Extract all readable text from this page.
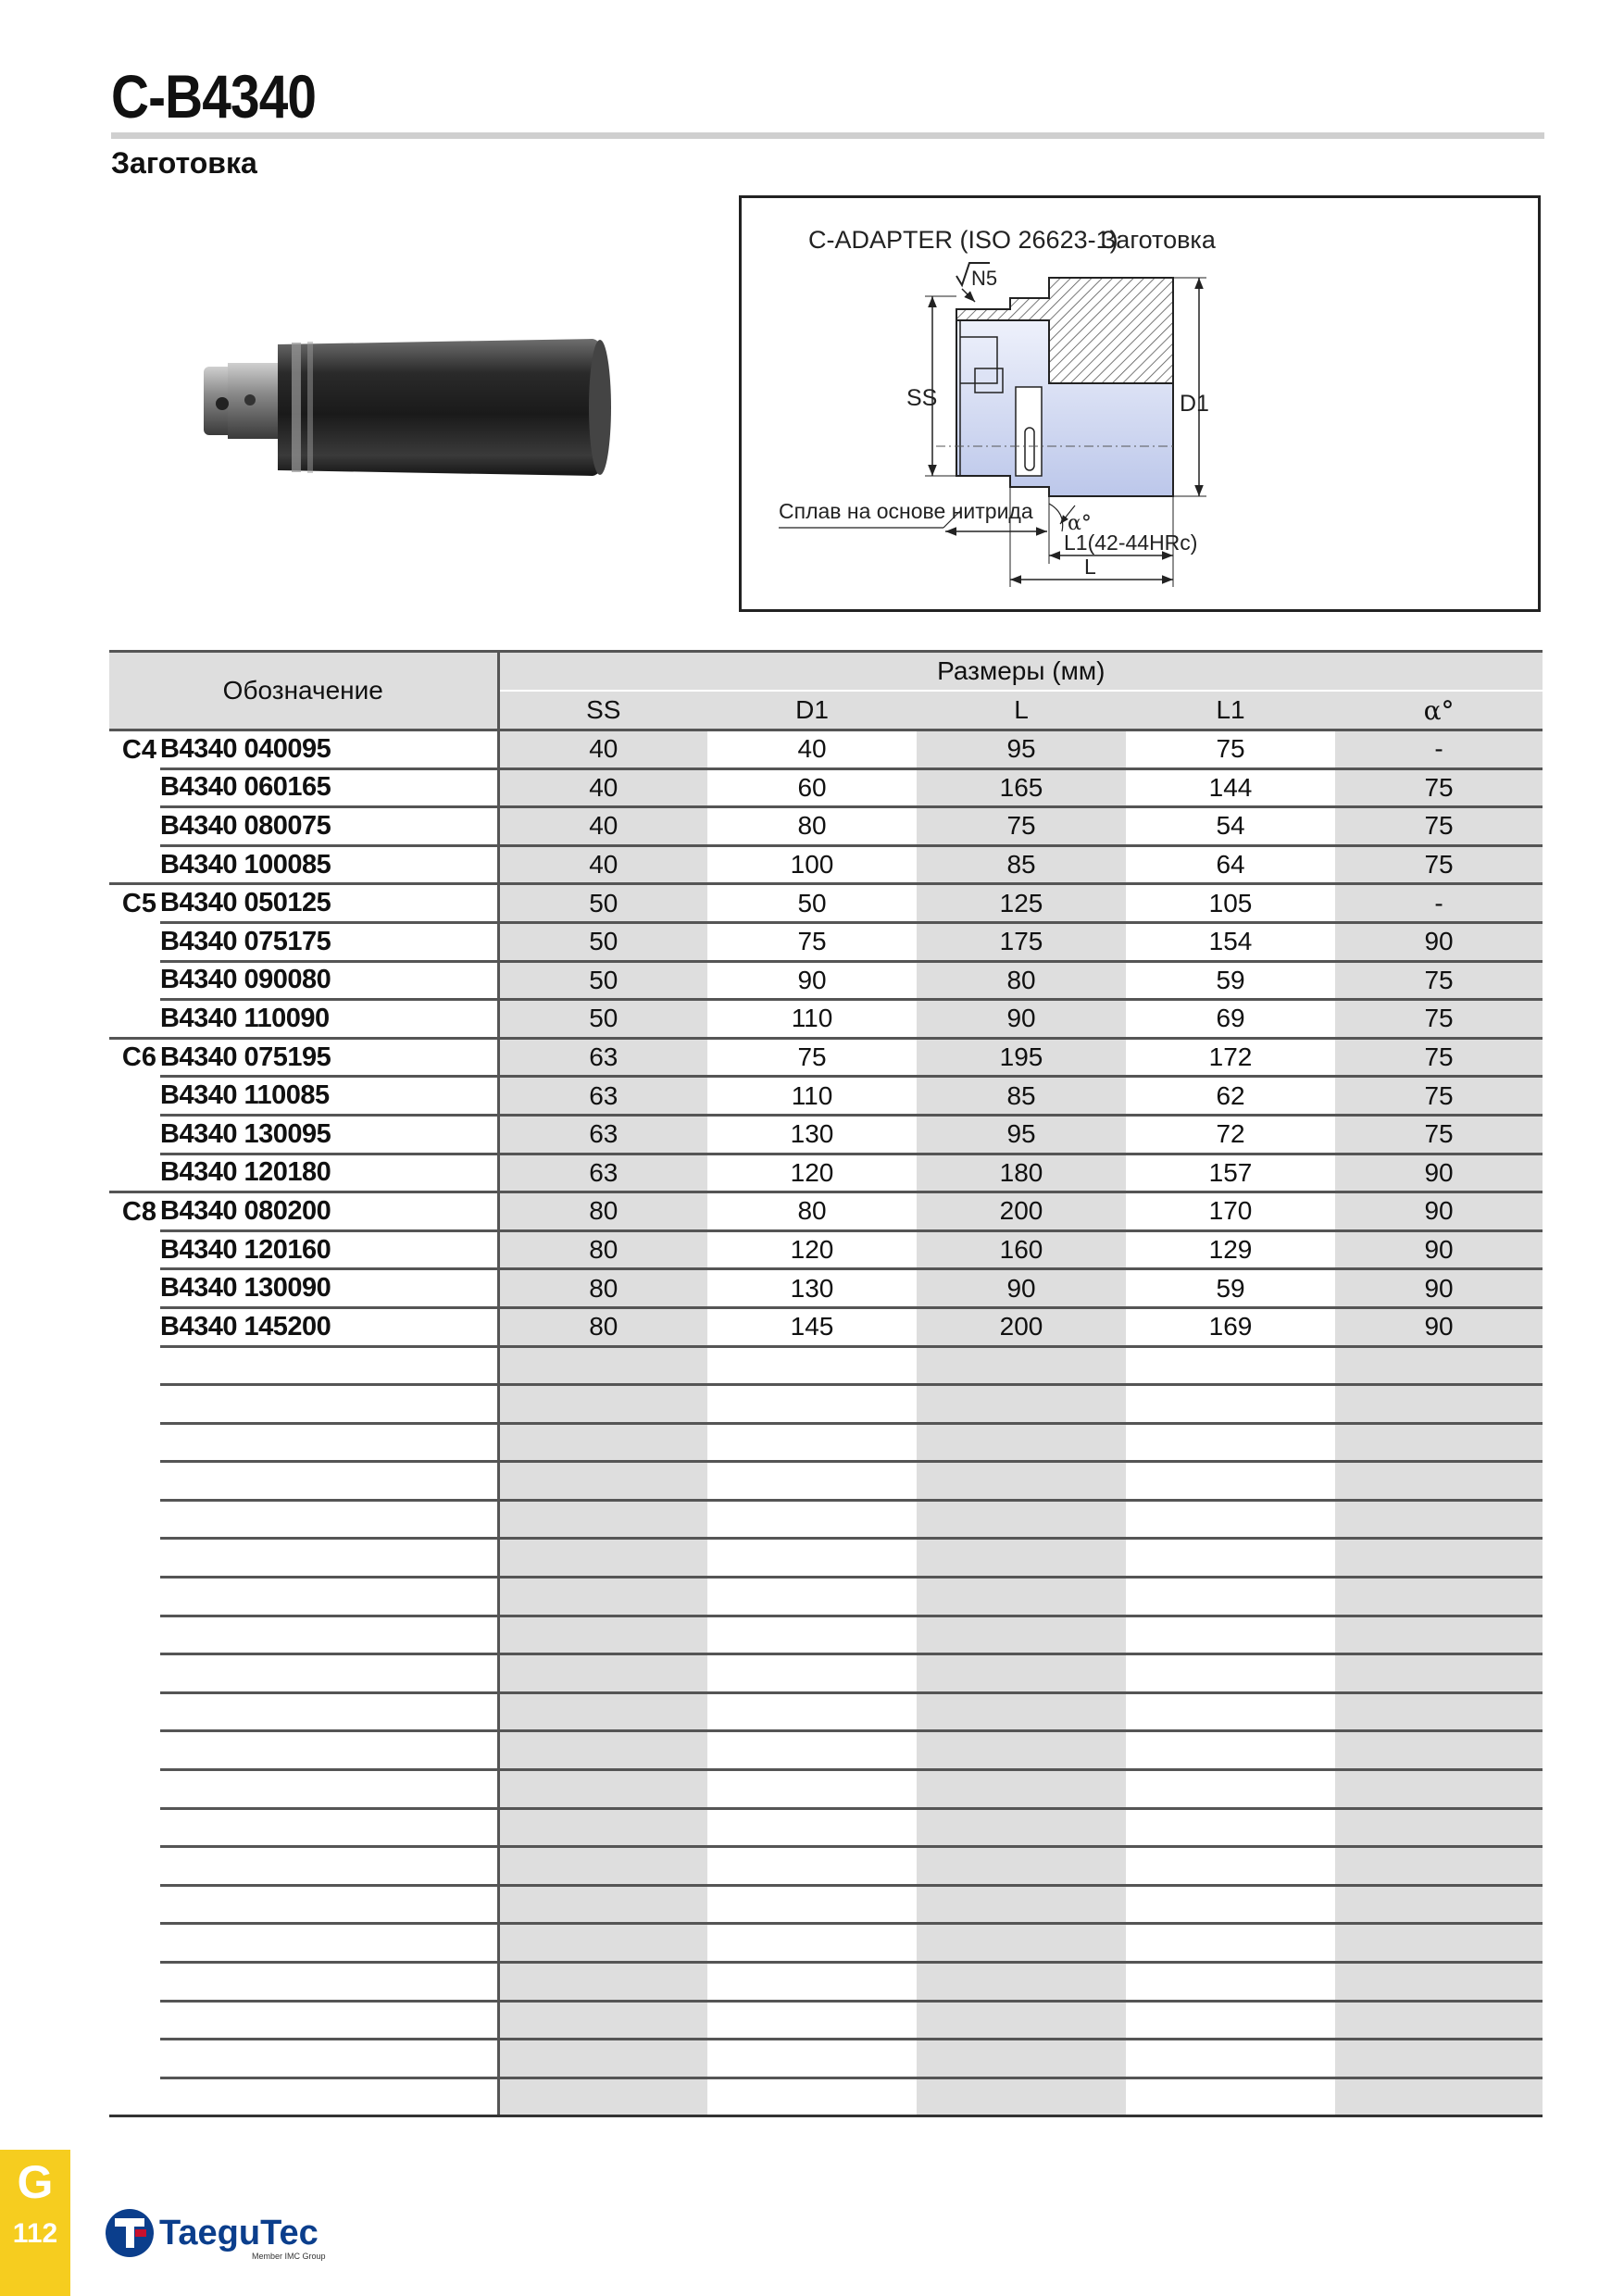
C-B4340
Заготовка
C-ADAPTER (ISO 26623-1)
Заготовка
N5
SS	D1
Сплав на основе нитрида
α°
L1(42-44HRc)
L
Обозначение		Размеры (мм)				
		SS	D1	L	L1	α°
C4	B4340 040095	40	40	95	75	-
	B4340 060165	40	60	165	144	75
	B4340 080075	40	80	75	54	75
	B4340 100085	40	100	85	64	75
C5	B4340 050125	50	50	125	105	-
	B4340 075175	50	75	175	154	90
	B4340 090080	50	90	80	59	75
	B4340 110090	50	110	90	69	75
C6	B4340 075195	63	75	195	172	75
	B4340 110085	63	110	85	62	75
	B4340 130095	63	130	95	72	75
	B4340 120180	63	120	180	157	90
C8	B4340 080200	80	80	200	170	90
	B4340 120160	80	120	160	129	90
	B4340 130090	80	130	90	59	90
	B4340 145200	80	145	200	169	90

G
112	TaeguTec
Member IMC Group
